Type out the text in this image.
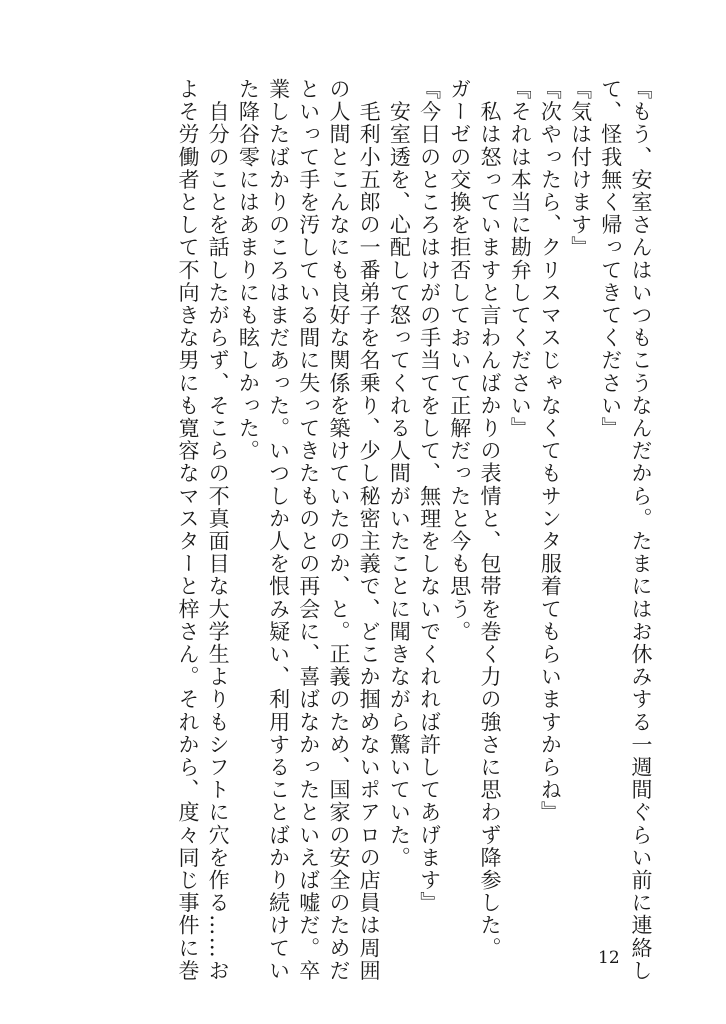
『もう、安室さんはいつもこうなんだから。たまにはお休みする一週間ぐらい前に連絡し
て、怪我無く帰ってきてください』
『気は付けます』
『次やったら、クリスマスじゃなくてもサンタ服着てもらいますからね』
『それは本当に勘弁してください』
　私は怒っていますと言わんばかりの表情と、包帯を巻く力の強さに思わず降参した。
ガーゼの交換を拒否しておいて正解だったと今も思う。
『今日のところはけがの手当てをして、無理をしないでくれれば許してあげます』
　安室透を、心配して怒ってくれる人間がいたことに聞きながら驚いていた。
　毛利小五郎の一番弟子を名乗り、少し秘密主義で、どこか掴めないポアロの店員は周囲
の人間とこんなにも良好な関係を築けていたのか、と。正義のため、国家の安全のためだ
といって手を汚している間に失ってきたものとの再会に、喜ばなかったといえば嘘だ。卒
業したばかりのころはまだあった。いつしか人を恨み疑い、利用することばかり続けてい
た降谷零にはあまりにも眩しかった。
　自分のことを話したがらず、そこらの不真面目な大学生よりもシフトに穴を作る……お
よそ労働者として不向きな男にも寛容なマスターと梓さん。それから、度々同じ事件に巻	12
